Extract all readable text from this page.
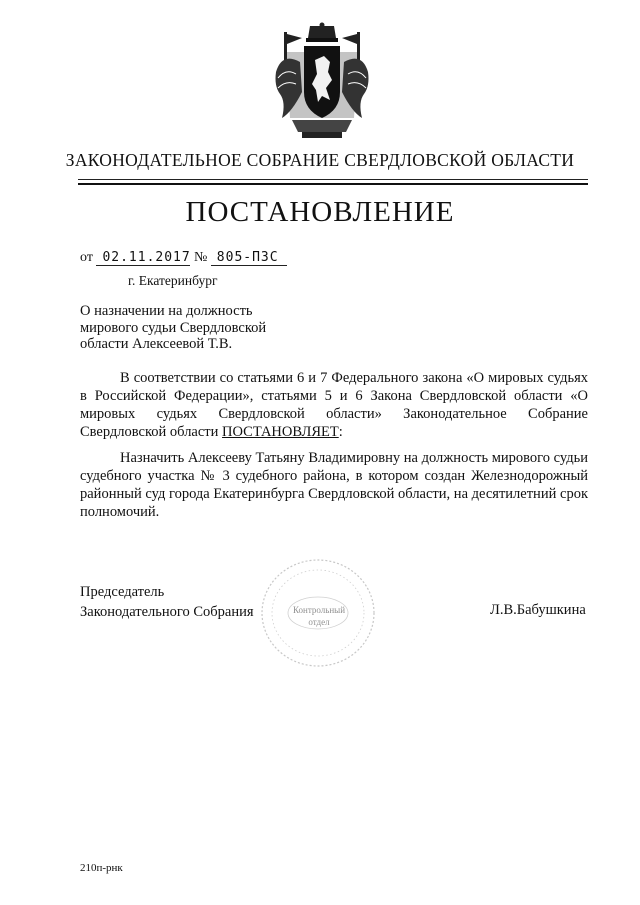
ЗАКОНОДАТЕЛЬНОЕ СОБРАНИЕ СВЕРДЛОВСКОЙ ОБЛАСТИ
ПОСТАНОВЛЕНИЕ
от 02.11.2017 № 805-ПЗС
г. Екатеринбург
О назначении на должность
мирового судьи Свердловской
области Алексеевой Т.В.

В соответствии со статьями 6 и 7 Федерального закона «О мировых судьях в Российской Федерации», статьями 5 и 6 Закона Свердловской области «О мировых судьях Свердловской области» Законодательное Собрание Свердловской области ПОСТАНОВЛЯЕТ:

Назначить Алексееву Татьяну Владимировну на должность мирового судьи судебного участка № 3 судебного района, в котором создан Железнодорожный районный суд города Екатеринбурга Свердловской области, на десятилетний срок полномочий.

Контрольный
отдел
Председатель
Законодательного Собрания	Л.В.Бабушкина
210п-рнк
